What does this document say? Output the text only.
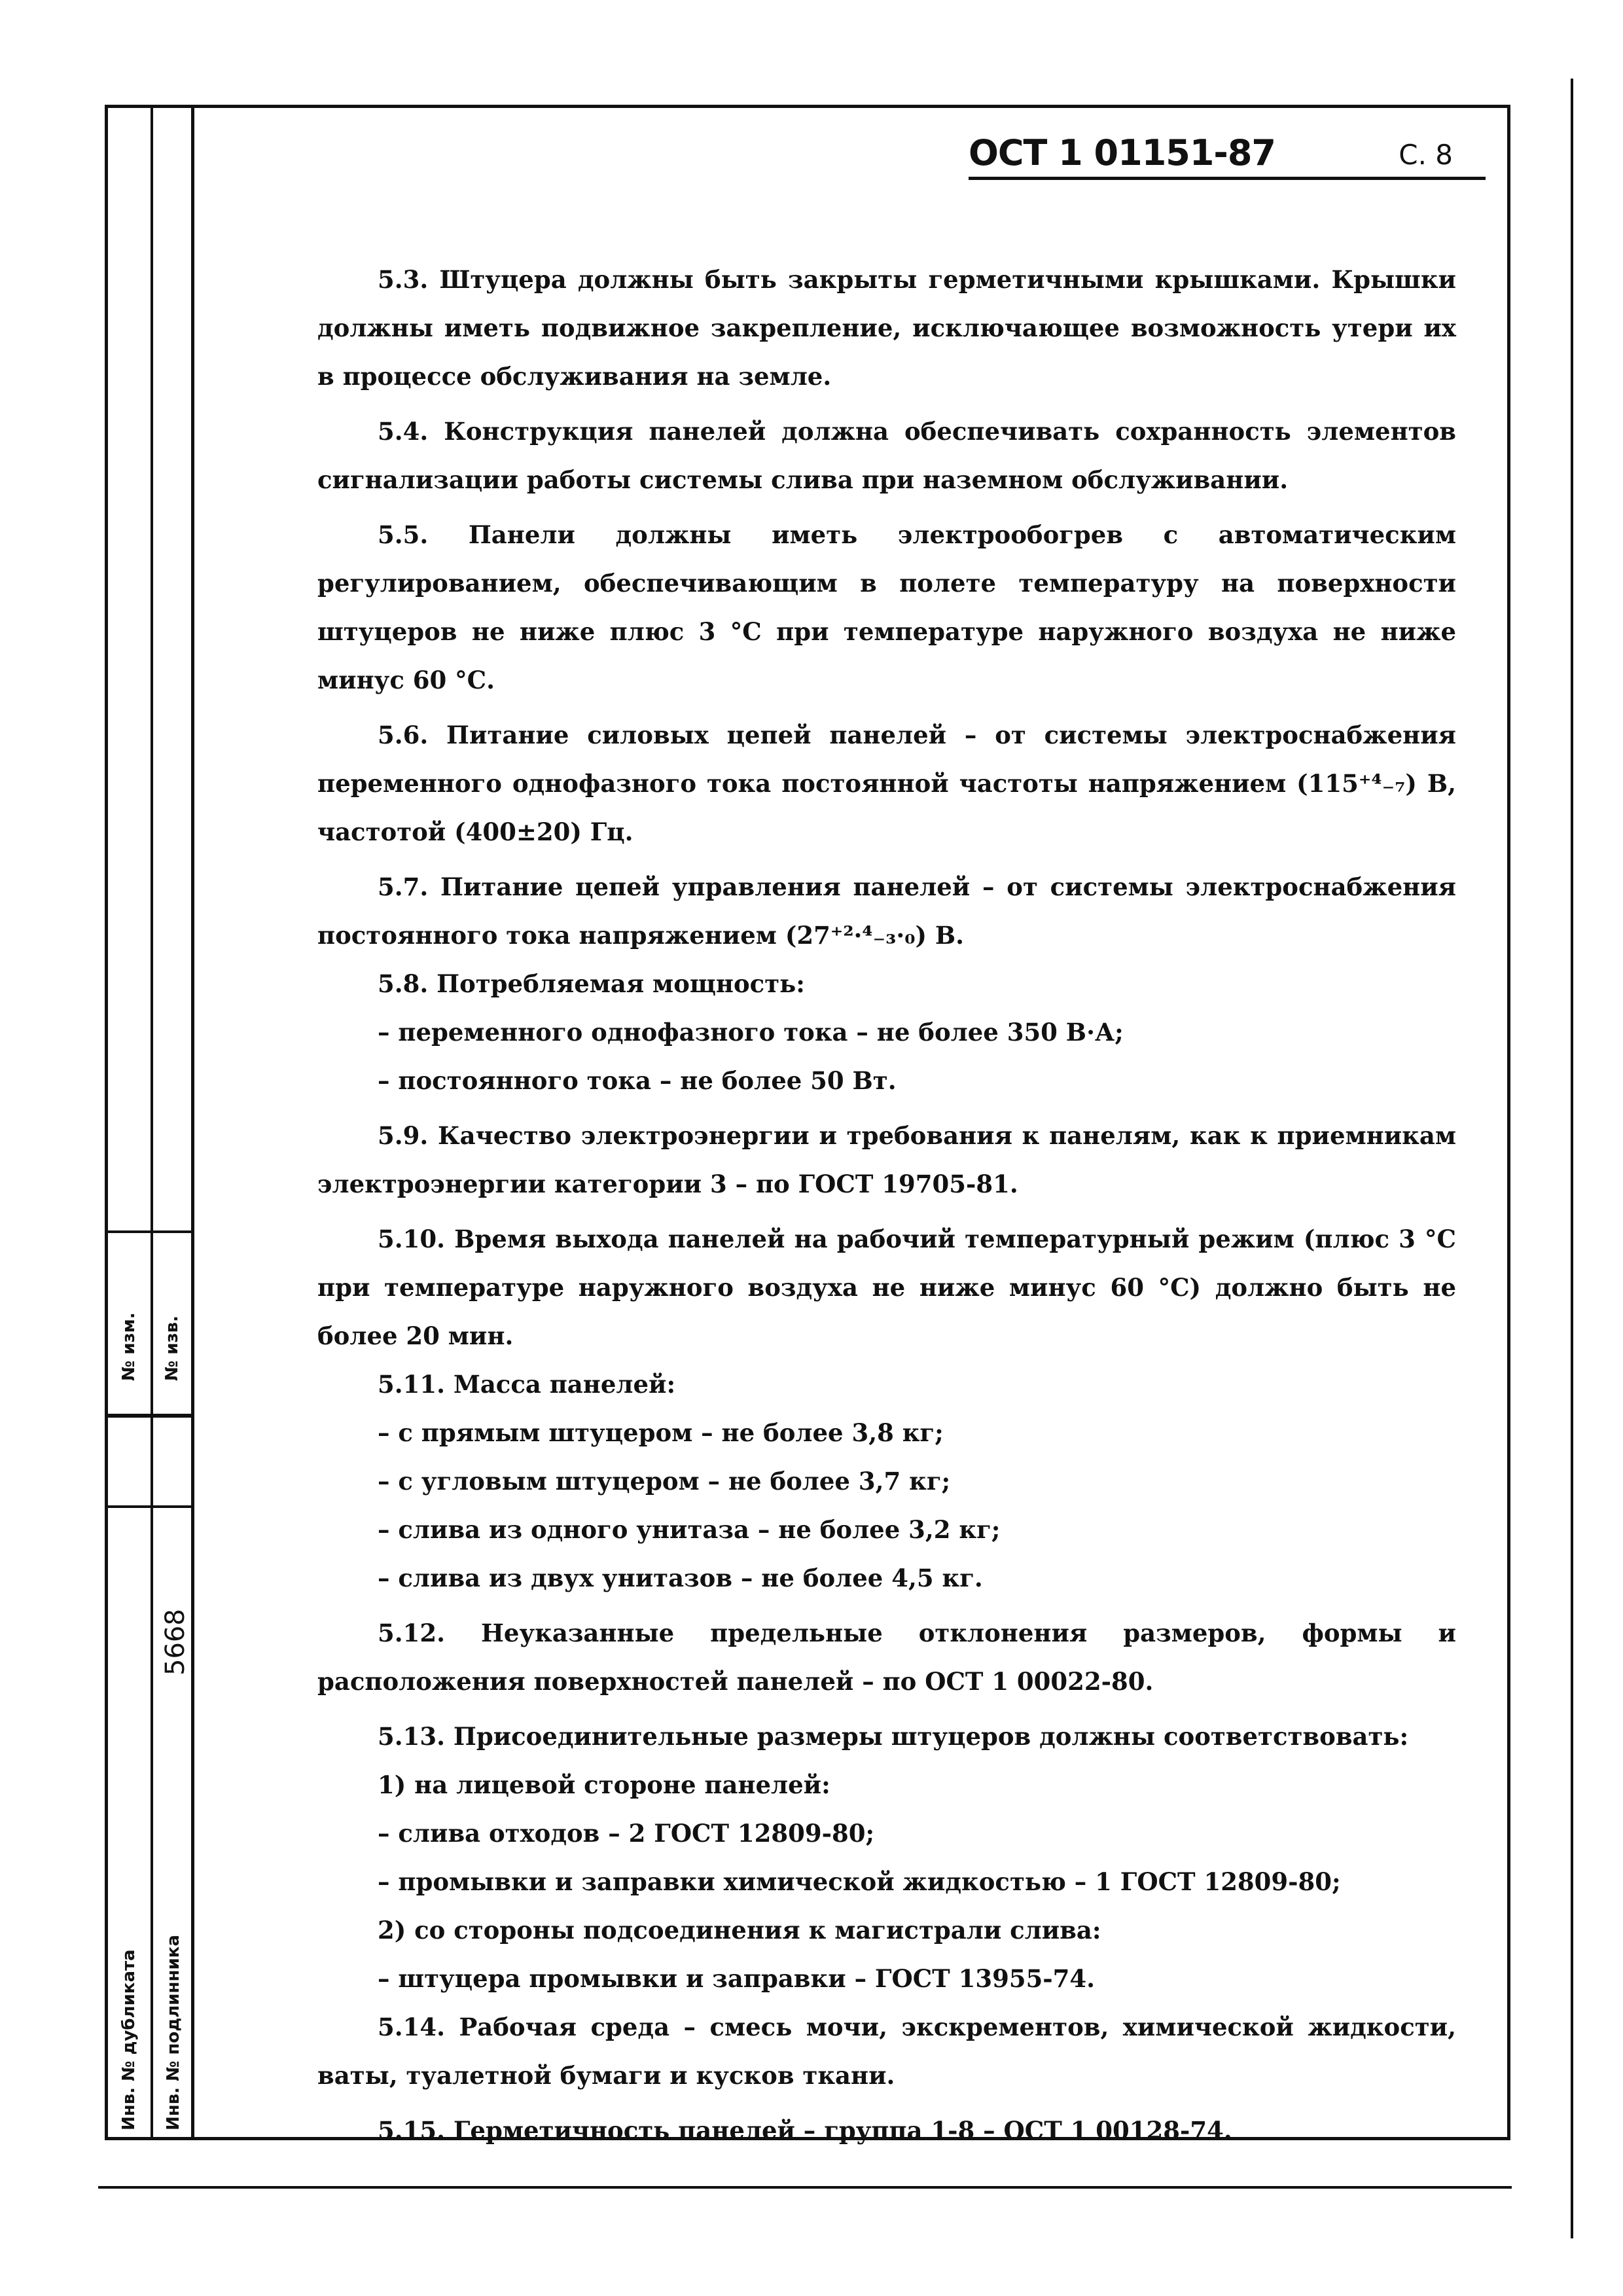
№ изм. № изв.
5668
Инв. № дубликата Инв. № подлинника
ОСТ 1 01151-87	С. 8

5.3. Штуцера должны быть закрыты герметичными крышками. Крышки должны иметь подвижное закрепление, исключающее возможность утери их в процессе обслуживания на земле.

5.4. Конструкция панелей должна обеспечивать сохранность элементов сигнализации работы системы слива при наземном обслуживании.

5.5. Панели должны иметь электрообогрев с автоматическим регулированием, обеспечивающим в полете температуру на поверхности штуцеров не ниже плюс 3 °С при температуре наружного воздуха не ниже минус 60 °С.

5.6. Питание силовых цепей панелей – от системы электроснабжения переменного однофазного тока постоянной частоты напряжением (115⁺⁴₋₇) В, частотой (400±20) Гц.

5.7. Питание цепей управления панелей – от системы электроснабжения постоянного тока напряжением (27⁺²·⁴₋₃·₀) В.

5.8. Потребляемая мощность:

– переменного однофазного тока – не более 350 В·А;

– постоянного тока – не более 50 Вт.

5.9. Качество электроэнергии и требования к панелям, как к приемникам электроэнергии категории 3 – по ГОСТ 19705-81.

5.10. Время выхода панелей на рабочий температурный режим (плюс 3 °С при температуре наружного воздуха не ниже минус 60 °С) должно быть не более 20 мин.

5.11. Масса панелей:

– с прямым штуцером – не более 3,8 кг;

– с угловым штуцером – не более 3,7 кг;

– слива из одного унитаза – не более 3,2 кг;

– слива из двух унитазов – не более 4,5 кг.

5.12. Неуказанные предельные отклонения размеров, формы и расположения поверхностей панелей – по ОСТ 1 00022-80.

5.13. Присоединительные размеры штуцеров должны соответствовать:

1) на лицевой стороне панелей:

– слива отходов – 2 ГОСТ 12809-80;

– промывки и заправки химической жидкостью – 1 ГОСТ 12809-80;

2) со стороны подсоединения к магистрали слива:

– штуцера промывки и заправки – ГОСТ 13955-74.

5.14. Рабочая среда – смесь мочи, экскрементов, химической жидкости, ваты, туалетной бумаги и кусков ткани.

5.15. Герметичность панелей – группа 1-8 – ОСТ 1 00128-74.
